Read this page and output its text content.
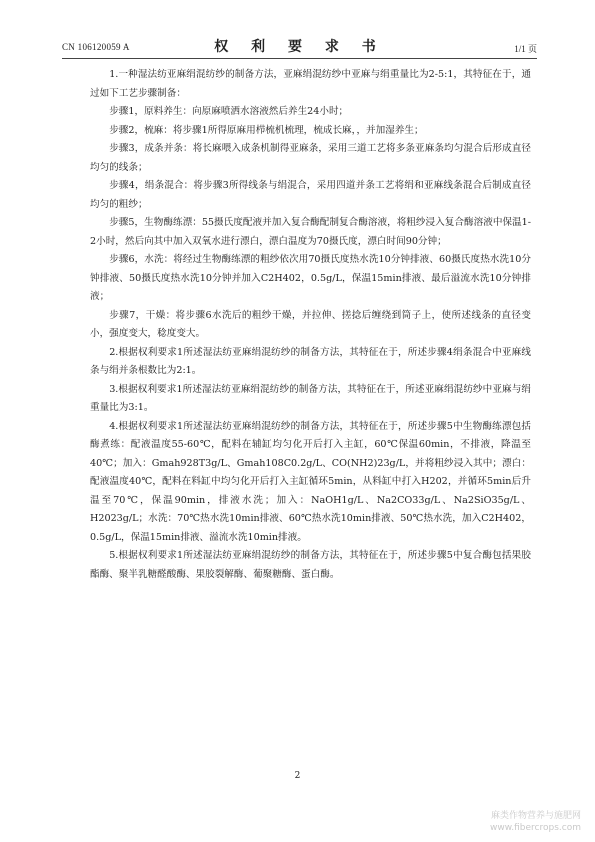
CN 106120059 A	权 利 要 求 书	1/1 页

1.一种湿法纺亚麻绢混纺纱的制备方法，亚麻绢混纺纱中亚麻与绢重量比为2-5:1，其特征在于，通过如下工艺步骤制备：

步骤1，原料养生：向原麻喷洒水溶液然后养生24小时；

步骤2，梳麻：将步骤1所得原麻用栉梳机梳理，梳成长麻，，并加湿养生；

步骤3，成条并条：将长麻喂入成条机制得亚麻条，采用三道工艺将多条亚麻条均匀混合后形成直径均匀的线条；

步骤4，绢条混合：将步骤3所得线条与绢混合，采用四道并条工艺将绢和亚麻线条混合后制成直径均匀的粗纱；

步骤5，生物酶练漂：55摄氏度配液并加入复合酶配制复合酶溶液，将粗纱浸入复合酶溶液中保温1-2小时，然后向其中加入双氧水进行漂白，漂白温度为70摄氏度，漂白时间90分钟；

步骤6，水洗：将经过生物酶练漂的粗纱依次用70摄氏度热水洗10分钟排液、60摄氏度热水洗10分钟排液、50摄氏度热水洗10分钟并加入C2H402，0.5g/L，保温15min排液、最后溢流水洗10分钟排液；

步骤7，干燥：将步骤6水洗后的粗纱干燥，并拉伸、搓捻后缠绕到筒子上，使所述线条的直径变小，强度变大，稔度变大。

2.根据权利要求1所述湿法纺亚麻绢混纺纱的制备方法，其特征在于，所述步骤4绢条混合中亚麻线条与绢并条根数比为2:1。

3.根据权利要求1所述湿法纺亚麻绢混纺纱的制备方法，其特征在于，所述亚麻绢混纺纱中亚麻与绢重量比为3:1。

4.根据权利要求1所述湿法纺亚麻绢混纺纱的制备方法，其特征在于，所述步骤5中生物酶练漂包括酶煮练：配液温度55-60℃，配料在辅缸均匀化开后打入主缸，60℃保温60min，不排液，降温至40℃；加入：Gmah928T3g/L、Gmah108C0.2g/L、CO(NH2)23g/L，并将粗纱浸入其中；漂白：配液温度40℃，配料在料缸中均匀化开后打入主缸循环5min，从料缸中打入H202，并循环5min后升温至70℃，保温90min，排液水洗；加入：NaOH1g/L、Na2CO33g/L、Na2SiO35g/L、H2023g/L；水洗：70℃热水洗10min排液、60℃热水洗10min排液、50℃热水洗，加入C2H402，0.5g/L，保温15min排液、溢流水洗10min排液。

5.根据权利要求1所述湿法纺亚麻绢混纺纱的制备方法，其特征在于，所述步骤5中复合酶包括果胶酯酶、聚半乳糖醛酸酶、果胶裂解酶、葡聚糖酶、蛋白酶。

2
麻类作物营养与施肥网
www.fibercrops.com
